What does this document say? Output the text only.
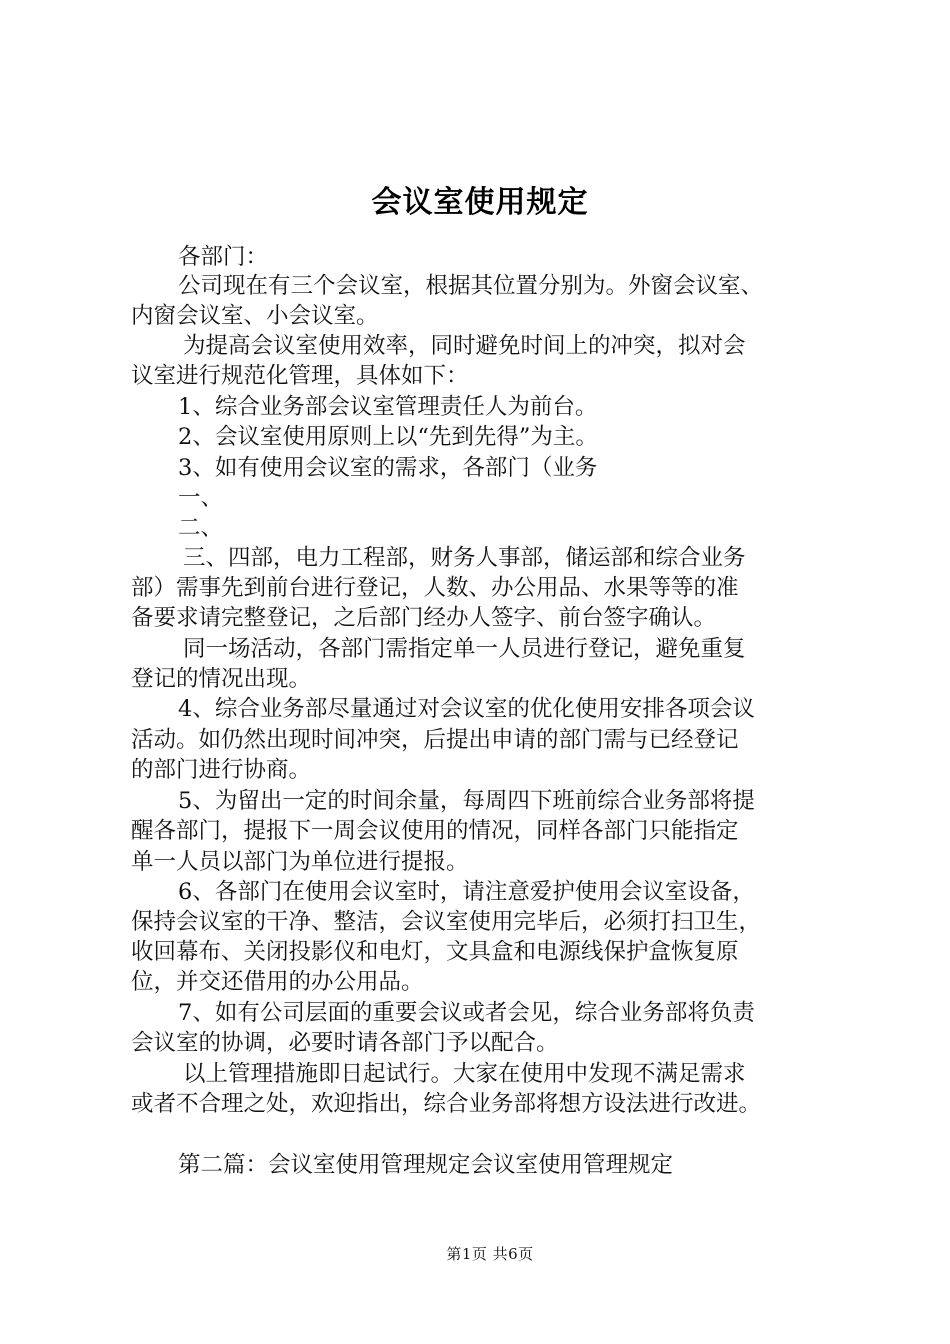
会议室使用规定
各部门：
公司现在有三个会议室，根据其位置分别为。外窗会议室、
内窗会议室、小会议室。
为提高会议室使用效率，同时避免时间上的冲突，拟对会
议室进行规范化管理，具体如下：
1、综合业务部会议室管理责任人为前台。
2、会议室使用原则上以“先到先得”为主。
3、如有使用会议室的需求，各部门（业务
一、
二、
三、四部，电力工程部，财务人事部，储运部和综合业务
部）需事先到前台进行登记，人数、办公用品、水果等等的准
备要求请完整登记，之后部门经办人签字、前台签字确认。
同一场活动，各部门需指定单一人员进行登记，避免重复
登记的情况出现。
4、综合业务部尽量通过对会议室的优化使用安排各项会议
活动。如仍然出现时间冲突，后提出申请的部门需与已经登记
的部门进行协商。
5、为留出一定的时间余量，每周四下班前综合业务部将提
醒各部门，提报下一周会议使用的情况，同样各部门只能指定
单一人员以部门为单位进行提报。
6、各部门在使用会议室时，请注意爱护使用会议室设备，
保持会议室的干净、整洁，会议室使用完毕后，必须打扫卫生，
收回幕布、关闭投影仪和电灯，文具盒和电源线保护盒恢复原
位，并交还借用的办公用品。
7、如有公司层面的重要会议或者会见，综合业务部将负责
会议室的协调，必要时请各部门予以配合。
以上管理措施即日起试行。大家在使用中发现不满足需求
或者不合理之处，欢迎指出，综合业务部将想方设法进行改进。
第二篇：会议室使用管理规定会议室使用管理规定
第1页 共6页
